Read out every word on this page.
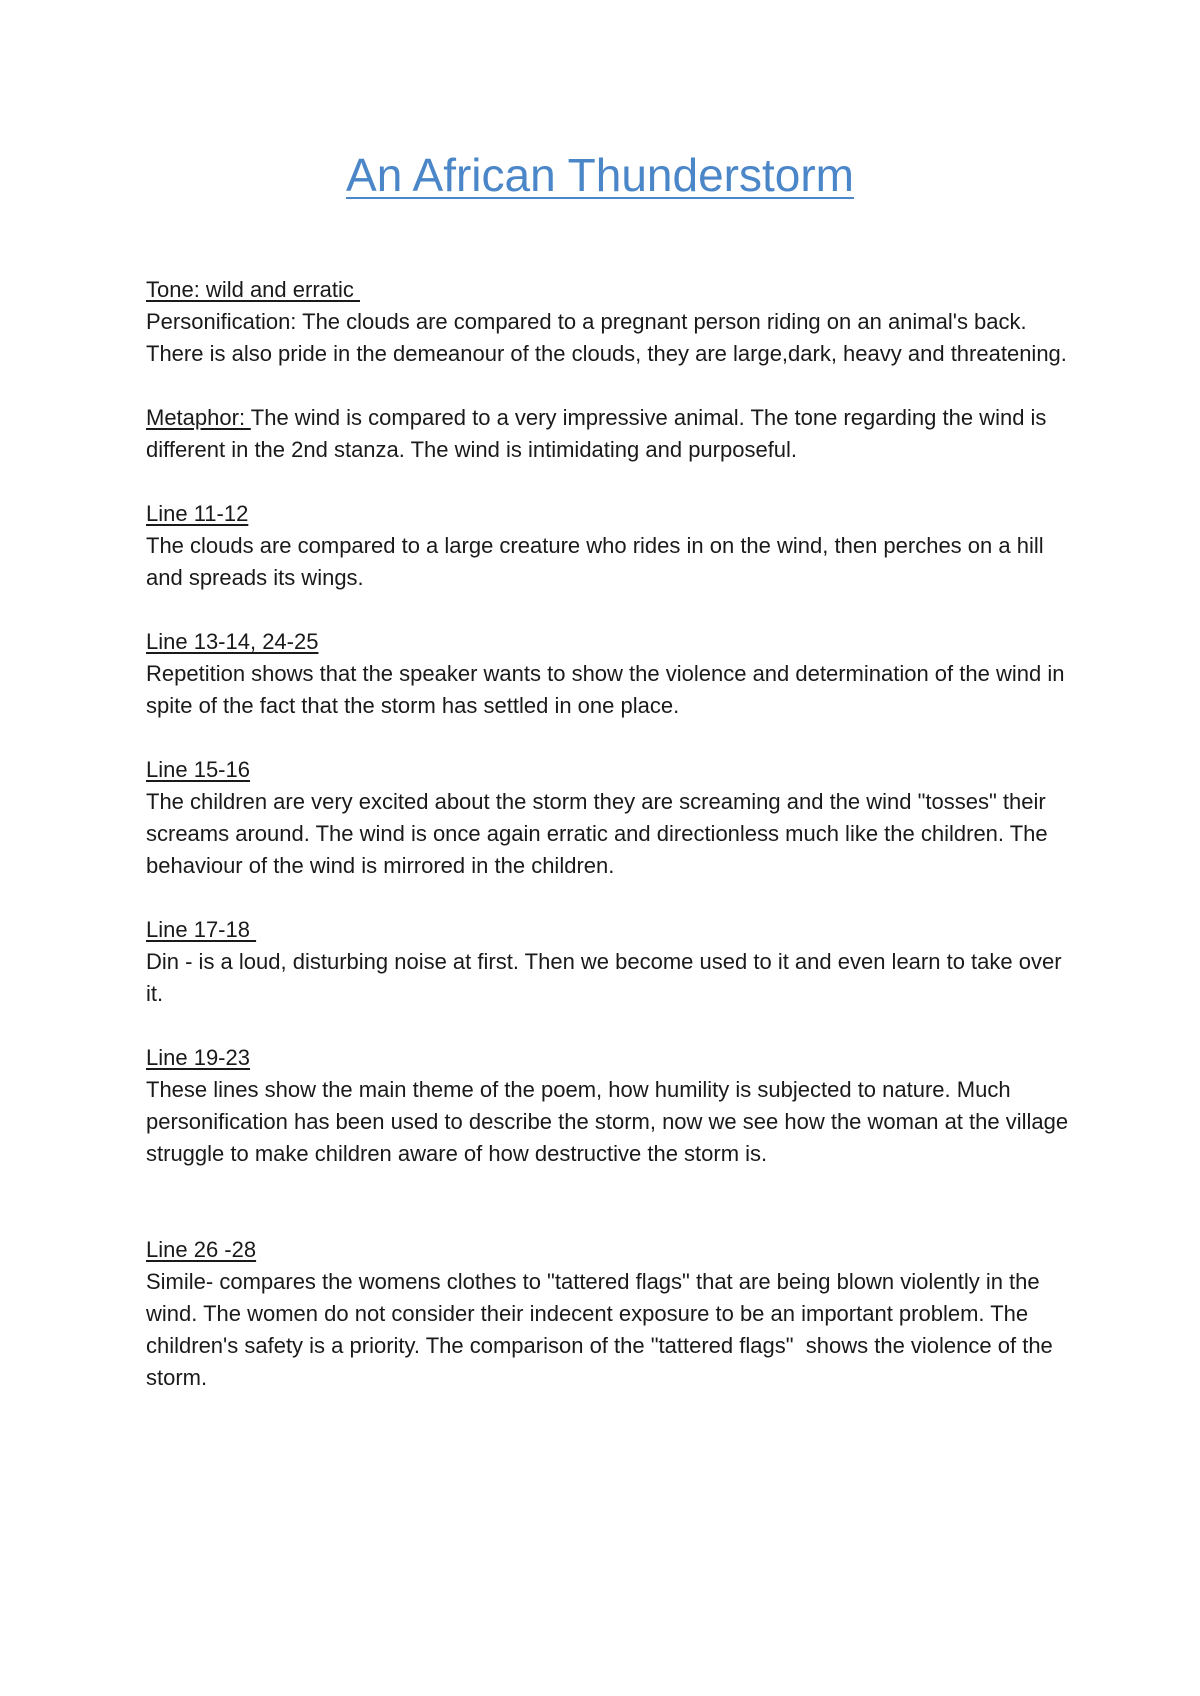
An African Thunderstorm

Tone: wild and erratic

Personification: The clouds are compared to a pregnant person riding on an animal's back. There is also pride in the demeanour of the clouds, they are large,dark, heavy and threatening.

Metaphor: The wind is compared to a very impressive animal. The tone regarding the wind is different in the 2nd stanza. The wind is intimidating and purposeful.

Line 11-12

The clouds are compared to a large creature who rides in on the wind, then perches on a hill and spreads its wings.

Line 13-14, 24-25

Repetition shows that the speaker wants to show the violence and determination of the wind in spite of the fact that the storm has settled in one place.

Line 15-16

The children are very excited about the storm they are screaming and the wind "tosses" their screams around. The wind is once again erratic and directionless much like the children. The behaviour of the wind is mirrored in the children.

Line 17-18

Din - is a loud, disturbing noise at first. Then we become used to it and even learn to take over it.

Line 19-23

These lines show the main theme of the poem, how humility is subjected to nature. Much personification has been used to describe the storm, now we see how the woman at the village struggle to make children aware of how destructive the storm is.

Line 26 -28

Simile- compares the womens clothes to "tattered flags" that are being blown violently in the wind. The women do not consider their indecent exposure to be an important problem. The children's safety is a priority. The comparison of the "tattered flags"  shows the violence of the storm.
